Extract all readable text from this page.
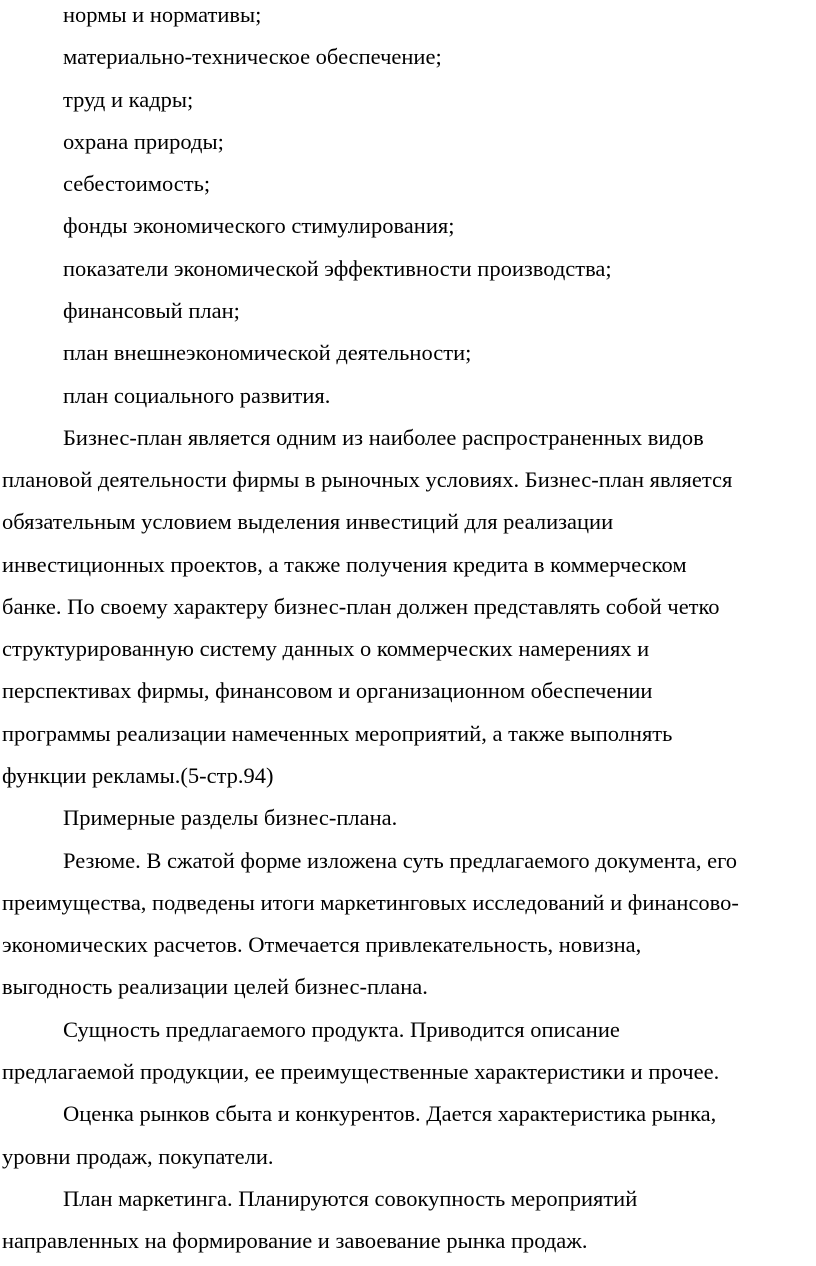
нормы и нормативы;
материально-техническое обеспечение;
труд и кадры;
охрана природы;
себестоимость;
фонды экономического стимулирования;
показатели экономической эффективности производства;
финансовый план;
план внешнеэкономической деятельности;
план социального развития.
Бизнес-план является одним из наиболее распространенных видов
плановой деятельности фирмы в рыночных условиях. Бизнес-план является
обязательным условием выделения инвестиций для реализации
инвестиционных проектов, а также получения кредита в коммерческом
банке. По своему характеру бизнес-план должен представлять собой четко
структурированную систему данных о коммерческих намерениях и
перспективах фирмы, финансовом и организационном обеспечении
программы реализации намеченных мероприятий, а также выполнять
функции рекламы.(5-стр.94)
Примерные разделы бизнес-плана.
Резюме. В сжатой форме изложена суть предлагаемого документа, его
преимущества, подведены итоги маркетинговых исследований и финансово-
экономических расчетов. Отмечается привлекательность, новизна,
выгодность реализации целей бизнес-плана.
Сущность предлагаемого продукта. Приводится описание
предлагаемой продукции, ее преимущественные характеристики и прочее.
Оценка рынков сбыта и конкурентов. Дается характеристика рынка,
уровни продаж, покупатели.
План маркетинга. Планируются совокупность мероприятий
направленных на формирование и завоевание рынка продаж.
